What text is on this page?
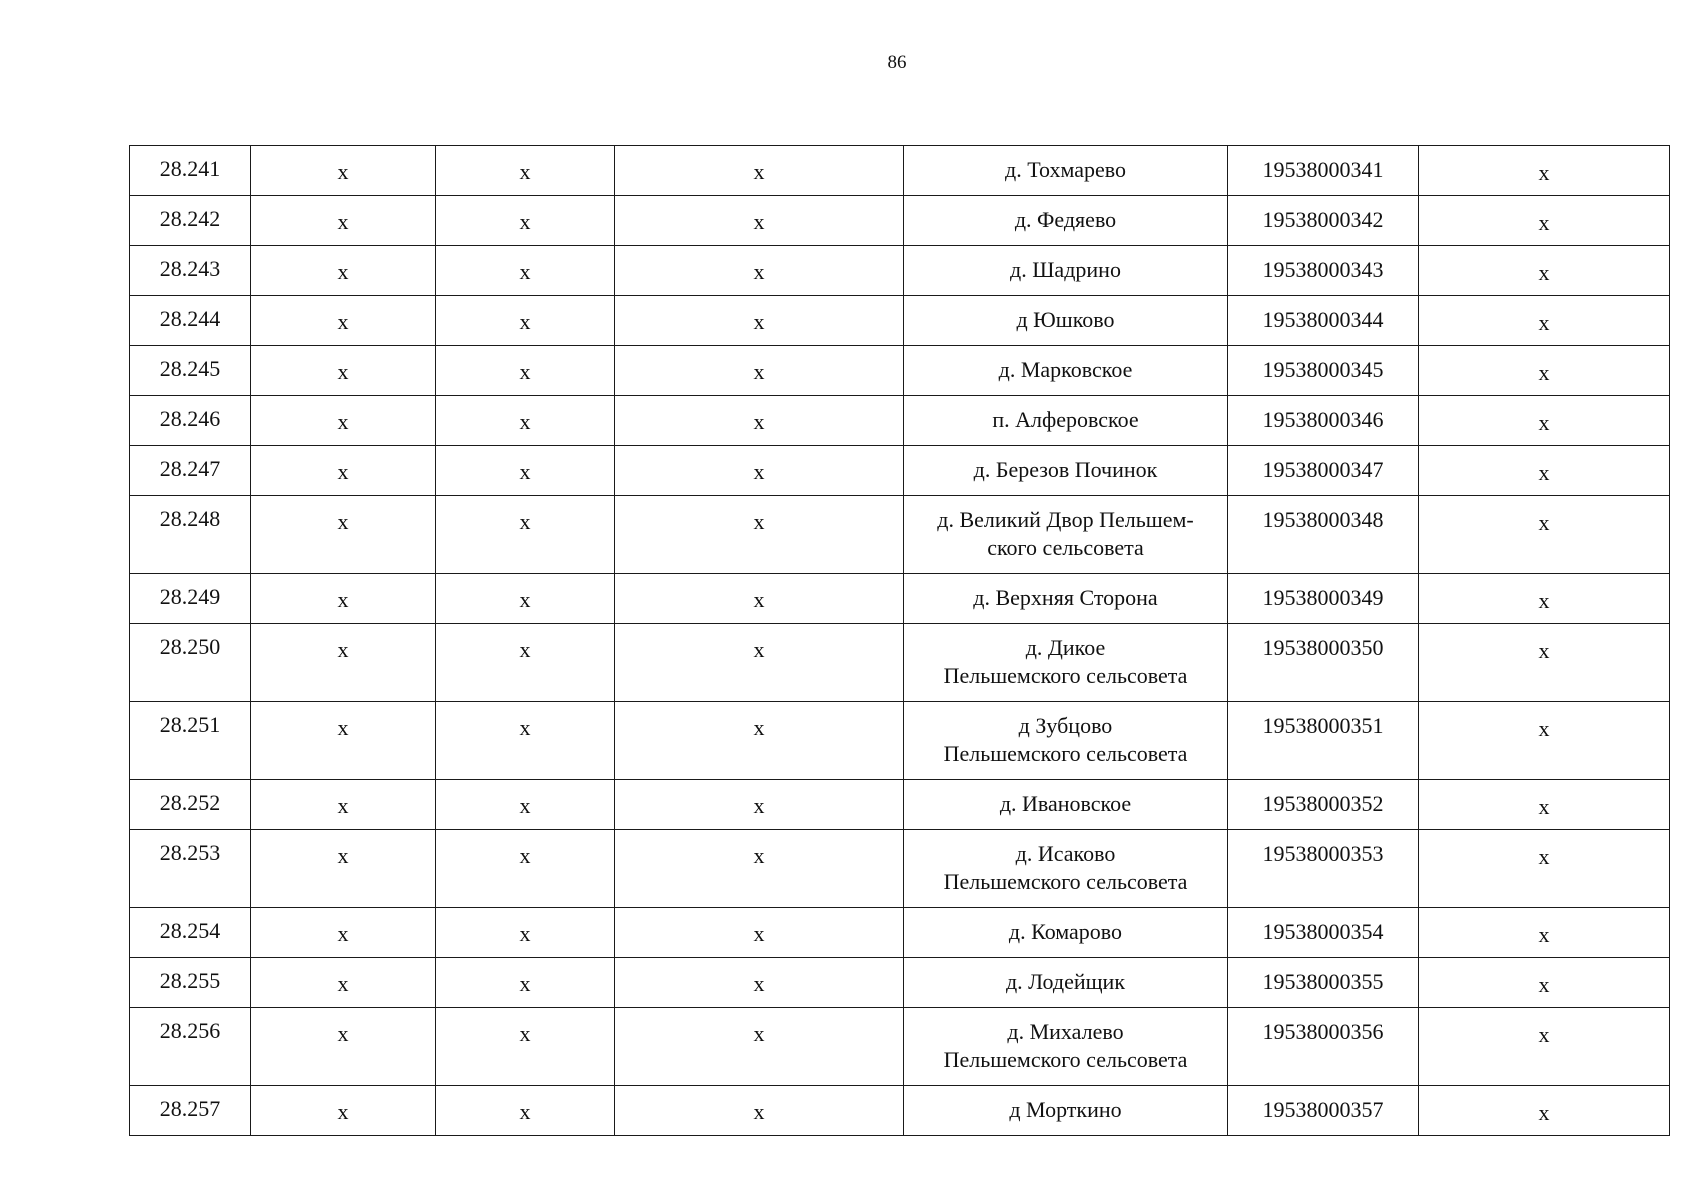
86
28.241	х	х	х	д. Тохмарево	19538000341	х

28.242	х	х	х	д. Федяево	19538000342	х

28.243	х	х	х	д. Шадрино	19538000343	х

28.244	х	х	х	д Юшково	19538000344	х

28.245	х	х	х	д. Марковское	19538000345	х

28.246	х	х	х	п. Алферовское	19538000346	х

28.247	х	х	х	д. Березов Починок	19538000347	х

28.248	х	х	х	д. Великий Двор Пельшем-
ского сельсовета	19538000348	х

28.249	х	х	х	д. Верхняя Сторона	19538000349	х

28.250	х	х	х	д. Дикое
Пельшемского сельсовета	19538000350	х

28.251	х	х	х	д Зубцово
Пельшемского сельсовета	19538000351	х

28.252	х	х	х	д. Ивановское	19538000352	х

28.253	х	х	х	д. Исаково
Пельшемского сельсовета	19538000353	х

28.254	х	х	х	д. Комарово	19538000354	х

28.255	х	х	х	д. Лодейщик	19538000355	х

28.256	х	х	х	д. Михалево
Пельшемского сельсовета	19538000356	х

28.257	х	х	х	д Морткино	19538000357	х
